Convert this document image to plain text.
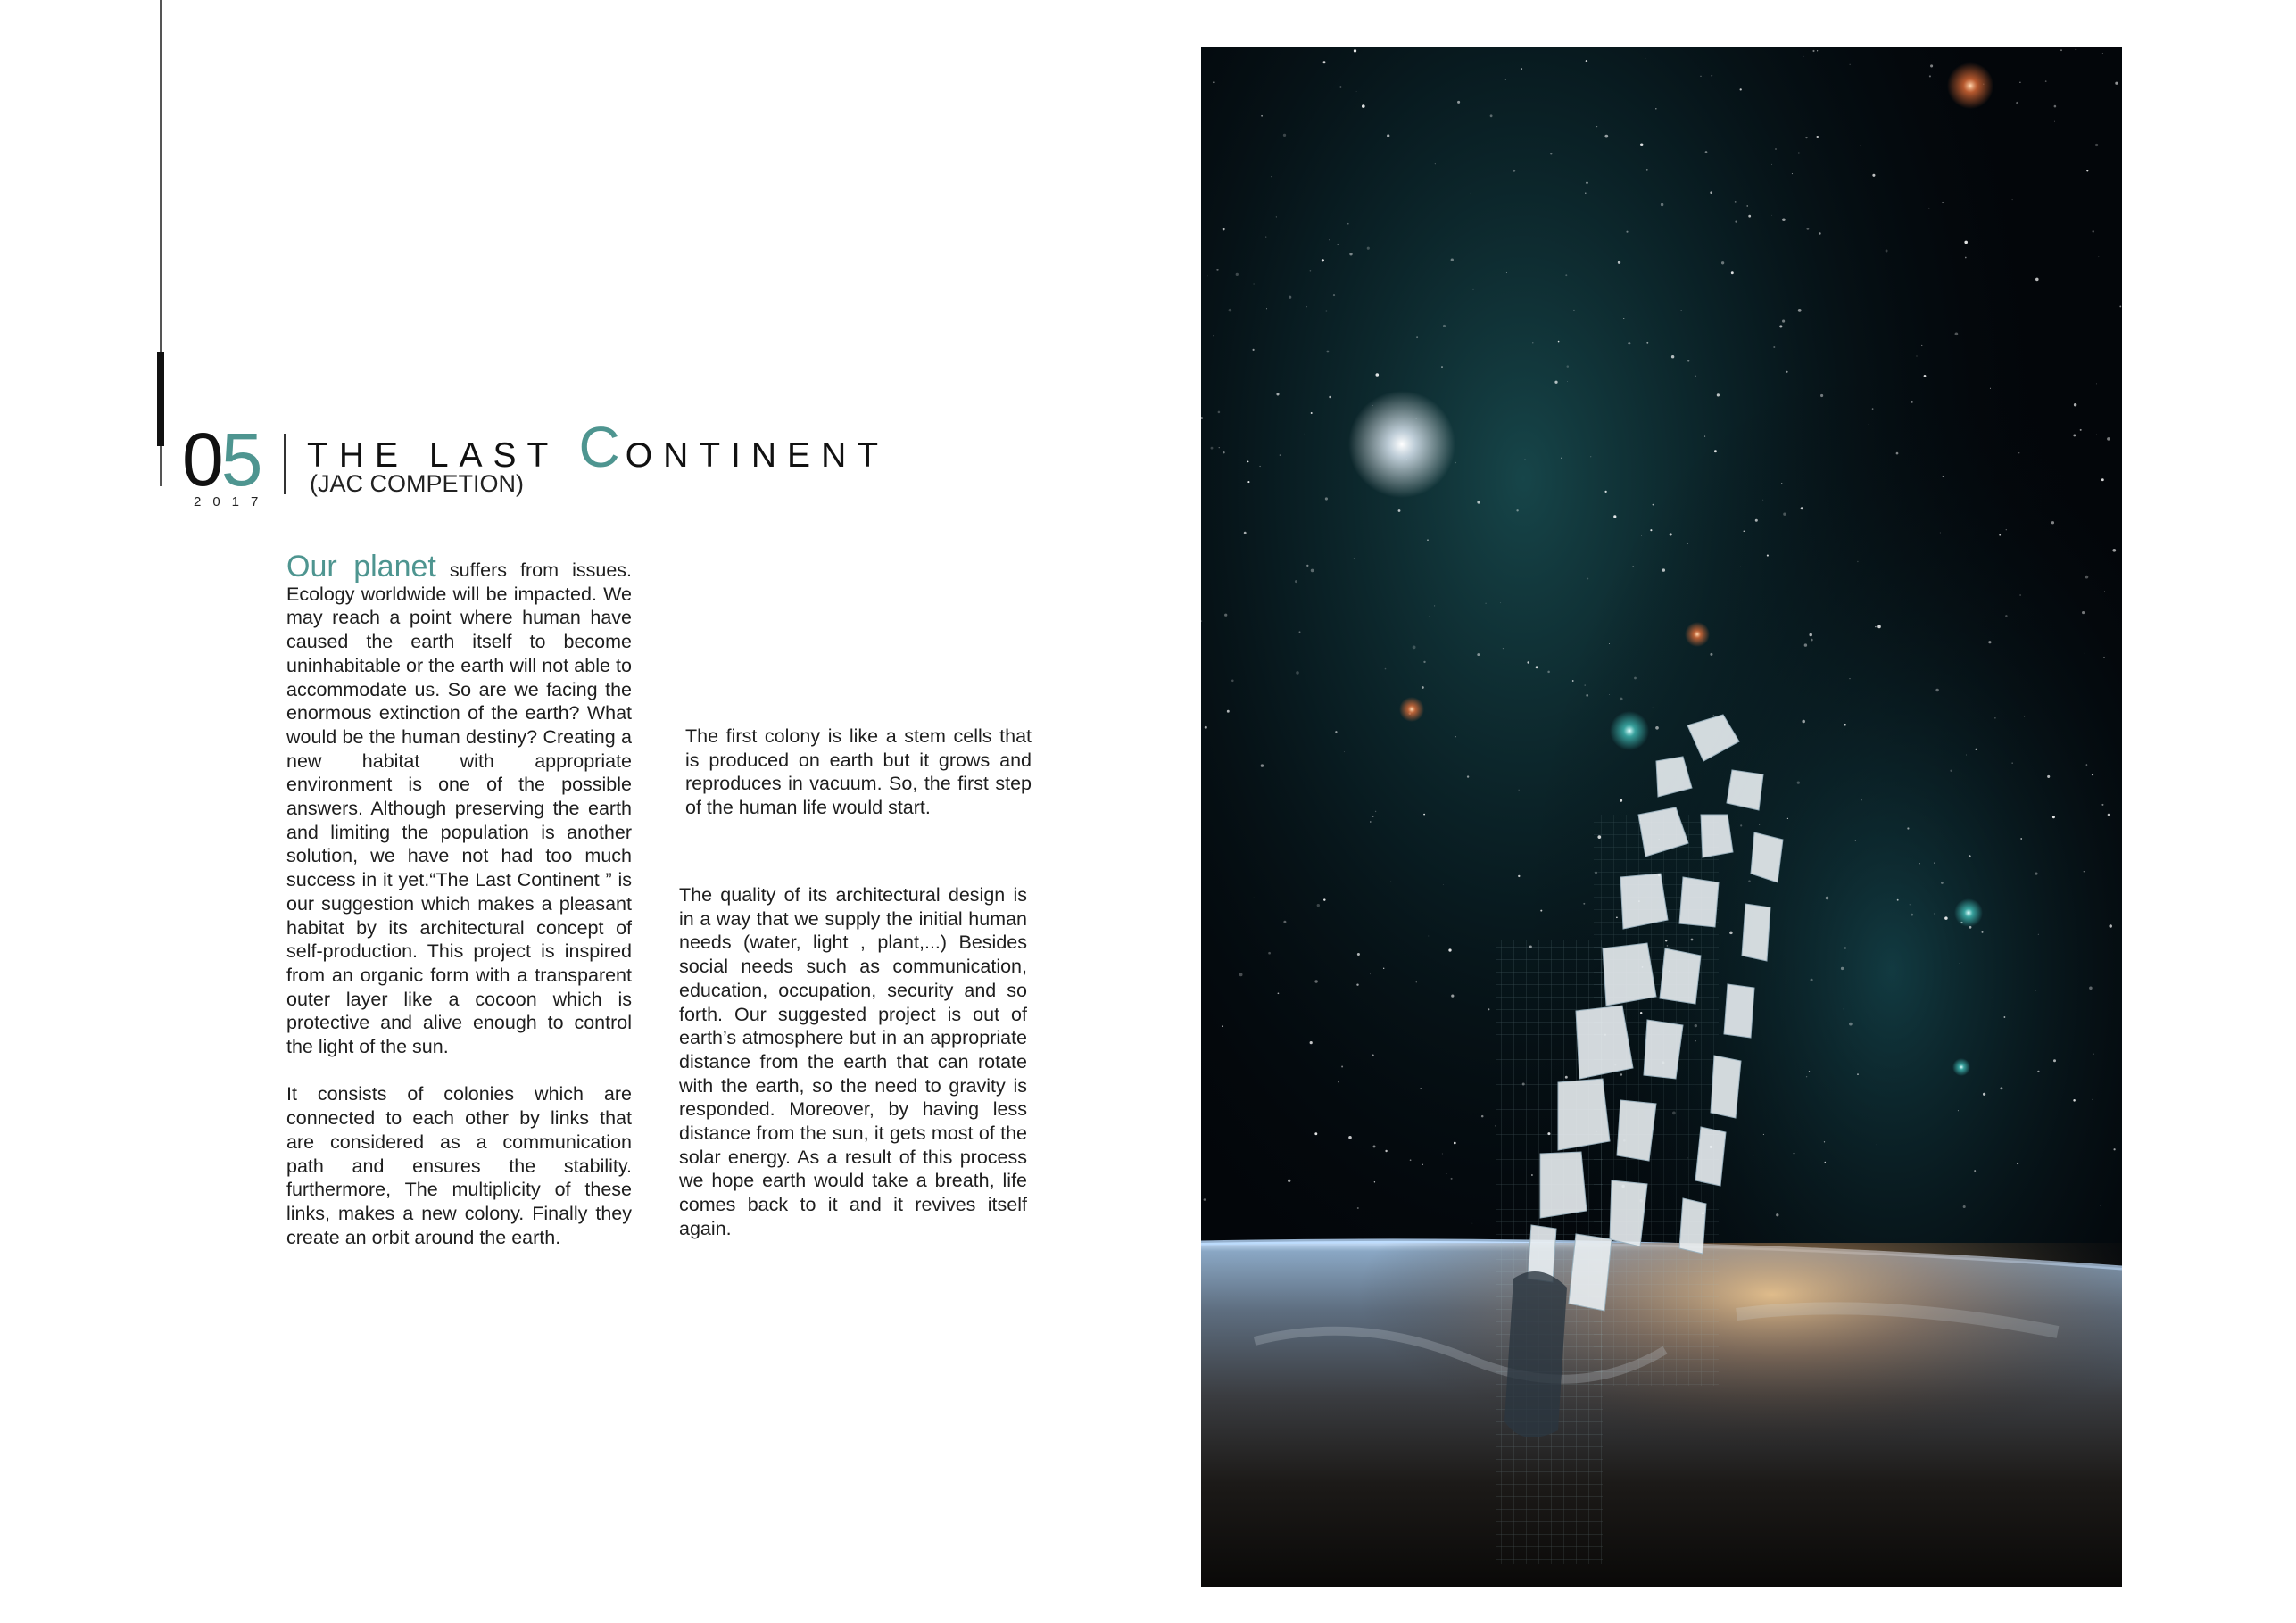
05
2017
THE LAST CONTINENT
(JAC COMPETION)

Our planet suffers from issues. Ecology worldwide will be impacted. We may reach a point where human have caused the earth itself to become uninhabitable or the earth will not able to accommodate us. So are we facing the enormous extinction of the earth? What would be the human destiny? Creating a new habitat with appropriate environment is one of the possible answers. Although preserving the earth and limiting the population is another solution, we have not had too much success in it yet.“The Last Continent ” is our suggestion which makes a pleasant habitat by its architectural concept of self-production. This project is inspired from an organic form with a transparent outer layer like a cocoon which is protective and alive enough to control the light of the sun.

It consists of colonies which are connected to each other by links that are considered as a communication path and ensures the stability. furthermore, The multiplicity of these links, makes a new colony. Finally they create an orbit around the earth.

The first colony is like a stem cells that is produced on earth but it grows and reproduces in vacuum. So, the first step of the human life would start.

The quality of its architectural design is in a way that we supply the initial human needs (water, light , plant,...) Besides social needs such as communication, education, occupation, security and so forth. Our suggested project is out of earth’s atmosphere but in an appropriate distance from the earth that can rotate with the earth, so the need to gravity is responded. Moreover, by having less distance from the sun, it gets most of the solar energy. As a result of this process we hope earth would take a breath, life comes back to it and it revives itself again.
